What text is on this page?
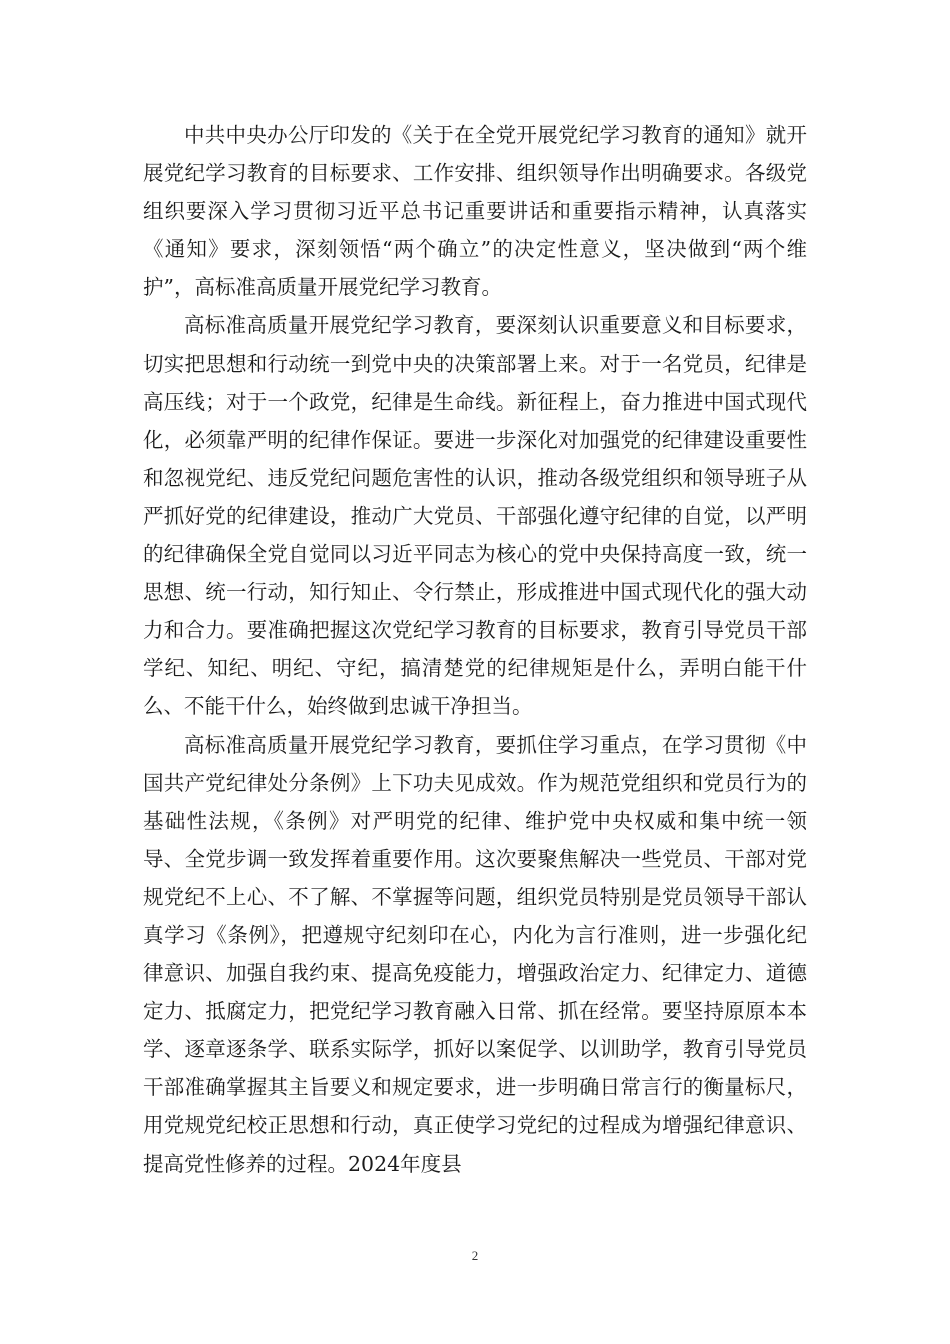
中共中央办公厅印发的《关于在全党开展党纪学习教育的通知》就开展党纪学习教育的目标要求、工作安排、组织领导作出明确要求。各级党组织要深入学习贯彻习近平总书记重要讲话和重要指示精神，认真落实《通知》要求，深刻领悟“两个确立”的决定性意义，坚决做到“两个维护”，高标准高质量开展党纪学习教育。

高标准高质量开展党纪学习教育，要深刻认识重要意义和目标要求，切实把思想和行动统一到党中央的决策部署上来。对于一名党员，纪律是高压线；对于一个政党，纪律是生命线。新征程上，奋力推进中国式现代化，必须靠严明的纪律作保证。要进一步深化对加强党的纪律建设重要性和忽视党纪、违反党纪问题危害性的认识，推动各级党组织和领导班子从严抓好党的纪律建设，推动广大党员、干部强化遵守纪律的自觉，以严明的纪律确保全党自觉同以习近平同志为核心的党中央保持高度一致，统一思想、统一行动，知行知止、令行禁止，形成推进中国式现代化的强大动力和合力。要准确把握这次党纪学习教育的目标要求，教育引导党员干部学纪、知纪、明纪、守纪，搞清楚党的纪律规矩是什么，弄明白能干什么、不能干什么，始终做到忠诚干净担当。

高标准高质量开展党纪学习教育，要抓住学习重点，在学习贯彻《中国共产党纪律处分条例》上下功夫见成效。作为规范党组织和党员行为的基础性法规，《条例》对严明党的纪律、维护党中央权威和集中统一领导、全党步调一致发挥着重要作用。这次要聚焦解决一些党员、干部对党规党纪不上心、不了解、不掌握等问题，组织党员特别是党员领导干部认真学习《条例》，把遵规守纪刻印在心，内化为言行准则，进一步强化纪律意识、加强自我约束、提高免疫能力，增强政治定力、纪律定力、道德定力、抵腐定力，把党纪学习教育融入日常、抓在经常。要坚持原原本本学、逐章逐条学、联系实际学，抓好以案促学、以训助学，教育引导党员干部准确掌握其主旨要义和规定要求，进一步明确日常言行的衡量标尺，用党规党纪校正思想和行动，真正使学习党纪的过程成为增强纪律意识、提高党性修养的过程。2024年度县

2
